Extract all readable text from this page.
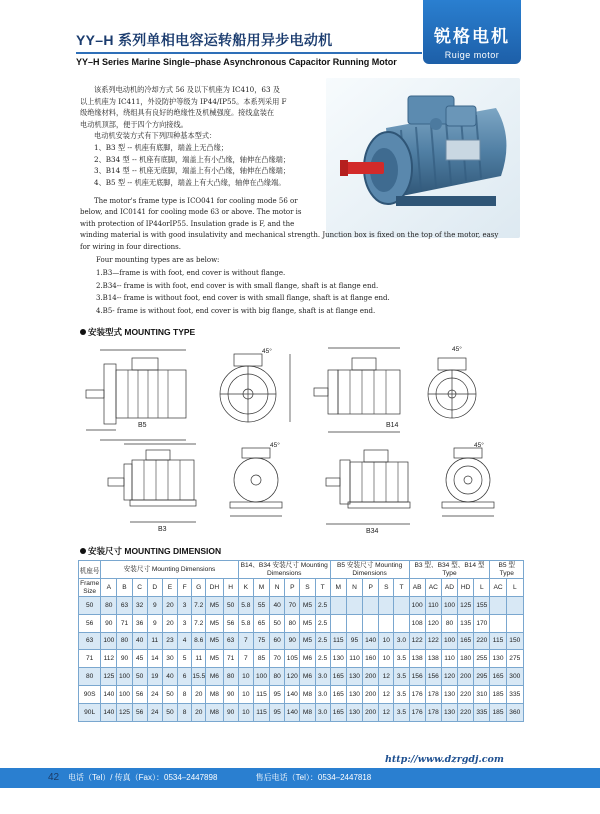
YY–H 系列单相电容运转船用异步电动机
YY–H Series Marine Single–phase Asynchronous Capacitor Running Motor
锐格电机
Ruige motor

该系列电动机的冷却方式 56 及以下机座为 IC410，63 及

以上机座为 IC411，外设防护等级为 IP44/IP55。本系列采用 F

级绝缘材料，绕组具有良好的绝缘性及机械强度。接线盒装在

电动机顶部，便于四个方向接线。

电动机安装方式有下列四种基本型式：

1、B3 型 -- 机座有底脚，端盖上无凸缘；

2、B34 型 -- 机座有底脚，端盖上有小凸缘，轴伸在凸缘端；

3、B14 型 -- 机座无底脚，端盖上有小凸缘，轴伸在凸缘端；

4、B5 型 -- 机座无底脚，端盖上有大凸缘，轴伸在凸缘端。

The motor's frame type is ICO041 for cooling mode 56 or
below, and IC0141 for cooling mode 63 or above. The motor is
with protection of IP44orIP55. Insulation grade is F, and the
winding material is with good insulativity and mechanical strength. Junction box is fixed on the top of the motor, easy
for wiring in four directions.
Four mounting types are as below:
1.B3—frame is with foot, end cover is without flange.
2.B34-- frame is with foot, end cover is with small flange, shaft is at flange end.
3.B14-- frame is without foot, end cover is with small flange, shaft is at flange end.
4.B5- frame is without foot, end cover is with big flange, shaft is at flange end.
安装型式 MOUNTING TYPE
B5	B14
B3	B34
45°	45°
45°	45°
安装尺寸 MOUNTING DIMENSION
机座号	安装尺寸 Mounting Dimensions									B14、B34 安装尺寸 Mounting Dimensions						B5 安装尺寸 Mounting Dimensions					B3 型、B34 型、B14 型 Type					B5 型 Type	
Frame Size																											
	A	B	C	D	E	F	G	DH	H	K	M	N	P	S	T	M	N	P	S	T	AB	AC	AD	HD	L	AC	L
50	80	63	32	9	20	3	7.2	M5	50	5.8	55	40	70	M5	2.5						100	110	100	125	155		
56	90	71	36	9	20	3	7.2	M5	56	5.8	65	50	80	M5	2.5						108	120	80	135	170		
63	100	80	40	11	23	4	8.6	M5	63	7	75	60	90	M5	2.5	115	95	140	10	3.0	122	122	100	165	220	115	150
71	112	90	45	14	30	5	11	M5	71	7	85	70	105	M6	2.5	130	110	160	10	3.5	138	138	110	180	255	130	275
80	125	100	50	19	40	6	15.5	M6	80	10	100	80	120	M6	3.0	165	130	200	12	3.5	156	156	120	200	295	165	300
90S	140	100	56	24	50	8	20	M8	90	10	115	95	140	M8	3.0	165	130	200	12	3.5	176	178	130	220	310	185	335
90L	140	125	56	24	50	8	20	M8	90	10	115	95	140	M8	3.0	165	130	200	12	3.5	176	178	130	220	335	185	360
http://www.dzrgdj.com
42 电话（Tel）/ 传真（Fax）：0534–2447898	售后电话（Tel）：0534–2447818
